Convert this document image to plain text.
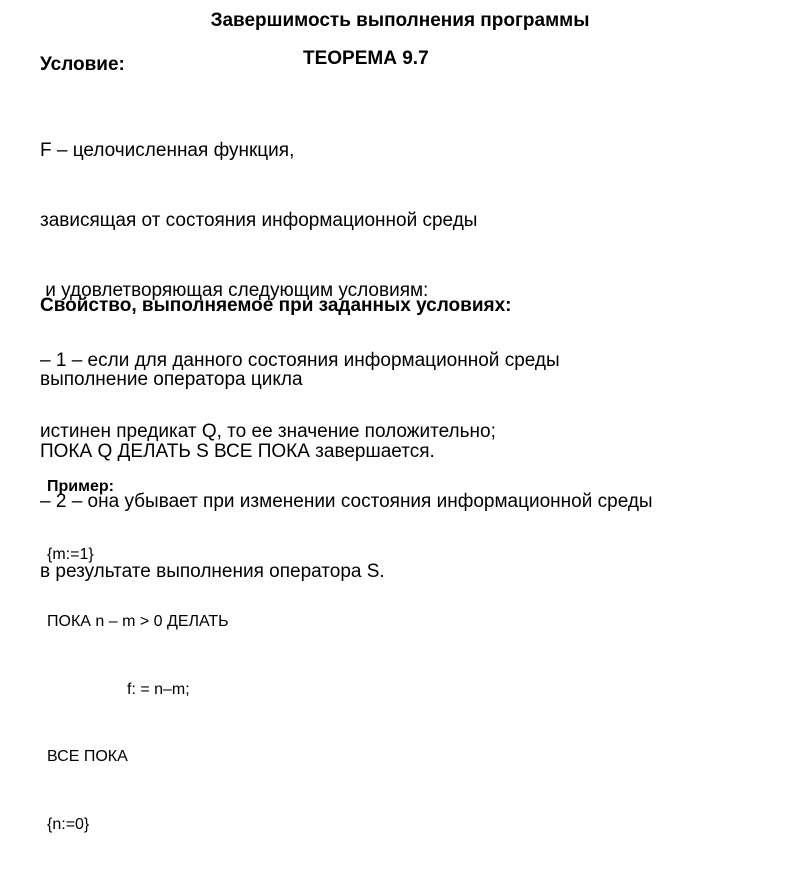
Завершимость выполнения программы
Условие:	ТЕОРЕМА 9.7

F – целочисленная функция,

зависящая от состояния информационной среды

и удовлетворяющая следующим условиям:

– 1 – если для данного состояния информационной среды

истинен предикат Q, то ее значение положительно;

– 2 – она убывает при изменении состояния информационной среды

в результате выполнения оператора S.

Свойство, выполняемое при заданных условиях:

выполнение оператора цикла

ПОКА Q ДЕЛАТЬ S ВСЕ ПОКА завершается.

Пример:

{m:=1}

ПОКА n – m > 0 ДЕЛАТЬ

f: = n–m;

ВСЕ ПОКА

{n:=0}
